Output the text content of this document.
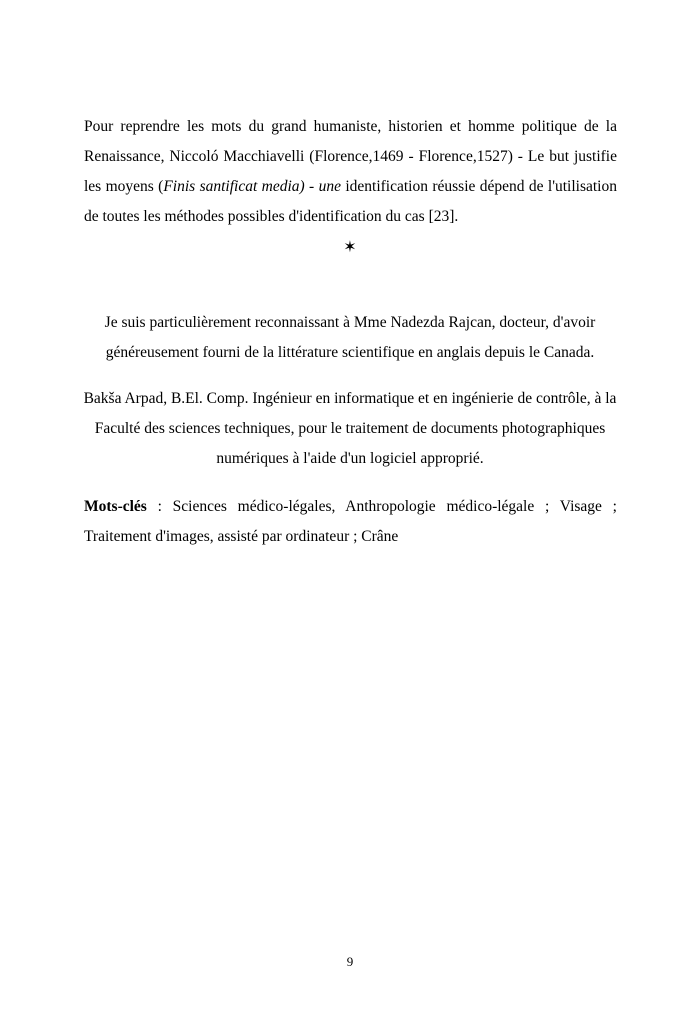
Pour reprendre les mots du grand humaniste, historien et homme politique de la Renaissance, Niccoló Macchiavelli (Florence,1469 - Florence,1527) - Le but justifie les moyens (Finis santificat media) - une identification réussie dépend de l'utilisation de toutes les méthodes possibles d'identification du cas [23].

✶

Je suis particulièrement reconnaissant à Mme Nadezda Rajcan, docteur, d'avoir généreusement fourni de la littérature scientifique en anglais depuis le Canada.

Bakša Arpad, B.El. Comp. Ingénieur en informatique et en ingénierie de contrôle, à la Faculté des sciences techniques, pour le traitement de documents photographiques numériques à l'aide d'un logiciel approprié.

Mots-clés : Sciences médico-légales, Anthropologie médico-légale ; Visage ; Traitement d'images, assisté par ordinateur ; Crâne

9
